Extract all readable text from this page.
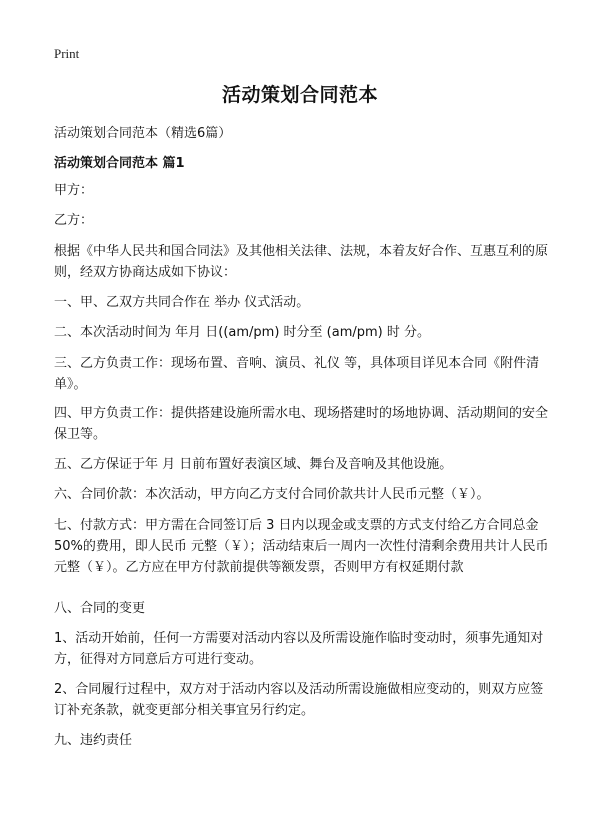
Print
活动策划合同范本
活动策划合同范本（精选6篇）
活动策划合同范本 篇1

甲方：

乙方：

根据《中华人民共和国合同法》及其他相关法律、法规，本着友好合作、互惠互利的原则，经双方协商达成如下协议：

一、甲、乙双方共同合作在 举办 仪式活动。

二、本次活动时间为 年月 日((am/pm) 时分至 (am/pm) 时 分。

三、乙方负责工作：现场布置、音响、演员、礼仪 等，具体项目详见本合同《附件清单》。

四、甲方负责工作：提供搭建设施所需水电、现场搭建时的场地协调、活动期间的安全保卫等。

五、乙方保证于年 月 日前布置好表演区域、舞台及音响及其他设施。

六、合同价款：本次活动，甲方向乙方支付合同价款共计人民币元整（￥）。

七、付款方式：甲方需在合同签订后 3 日内以现金或支票的方式支付给乙方合同总金50%的费用，即人民币 元整（￥）；活动结束后一周内一次性付清剩余费用共计人民币 元整（￥）。乙方应在甲方付款前提供等额发票，否则甲方有权延期付款

八、合同的变更

1、活动开始前，任何一方需要对活动内容以及所需设施作临时变动时，须事先通知对方，征得对方同意后方可进行变动。

2、合同履行过程中，双方对于活动内容以及活动所需设施做相应变动的，则双方应签订补充条款，就变更部分相关事宜另行约定。

九、违约责任
